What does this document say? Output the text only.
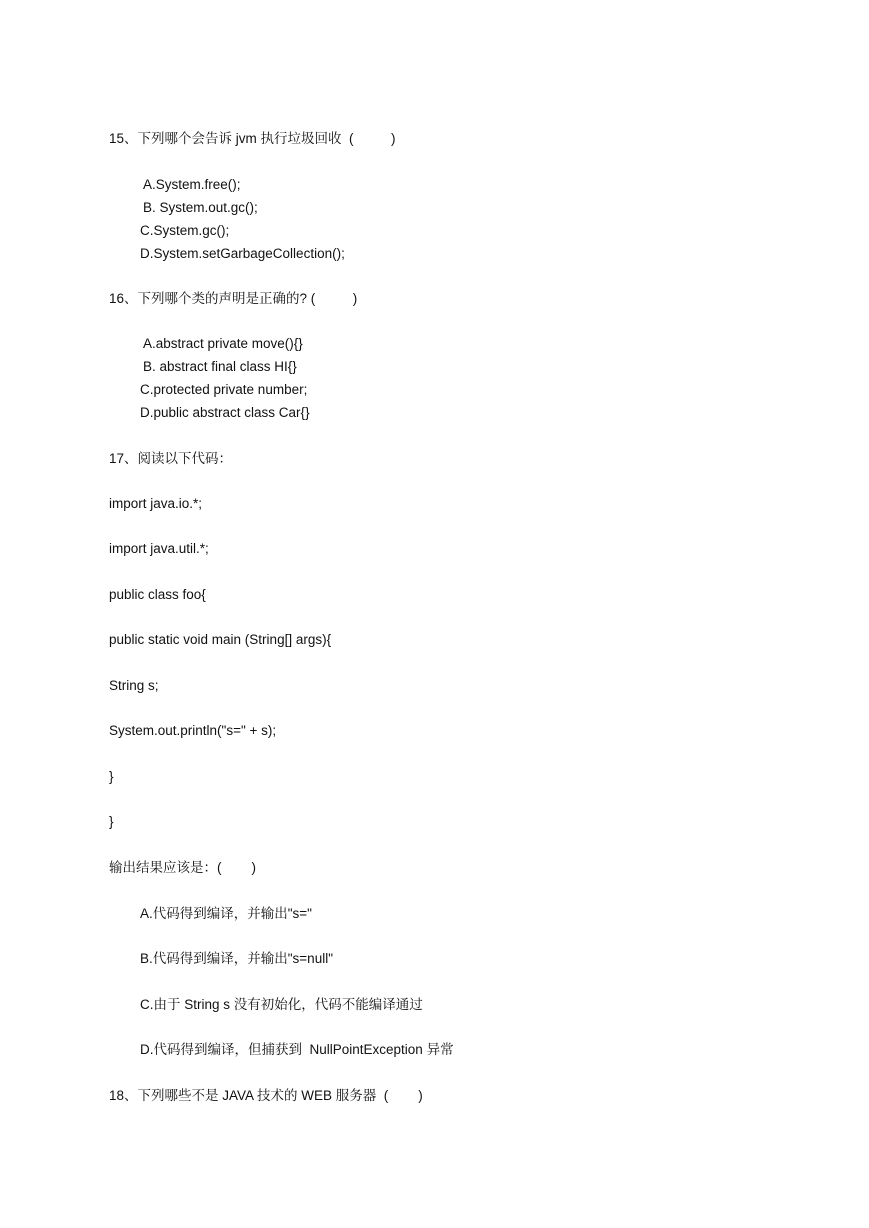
15、下列哪个会告诉 jvm 执行垃圾回收  (          )
A.System.free();
B. System.out.gc();
C.System.gc();
D.System.setGarbageCollection();
16、下列哪个类的声明是正确的? (          )
A.abstract private move(){}
B. abstract final class HI{}
C.protected private number;
D.public abstract class Car{}
17、阅读以下代码：
import java.io.*;
import java.util.*;
public class foo{
public static void main (String[] args){
String s;
System.out.println("s=" + s);
}
}
输出结果应该是：(        )
A.代码得到编译，并输出"s="
B.代码得到编译，并输出"s=null"
C.由于 String s 没有初始化，代码不能编译通过
D.代码得到编译，但捕获到  NullPointException 异常
18、下列哪些不是 JAVA 技术的 WEB 服务器  (        )
